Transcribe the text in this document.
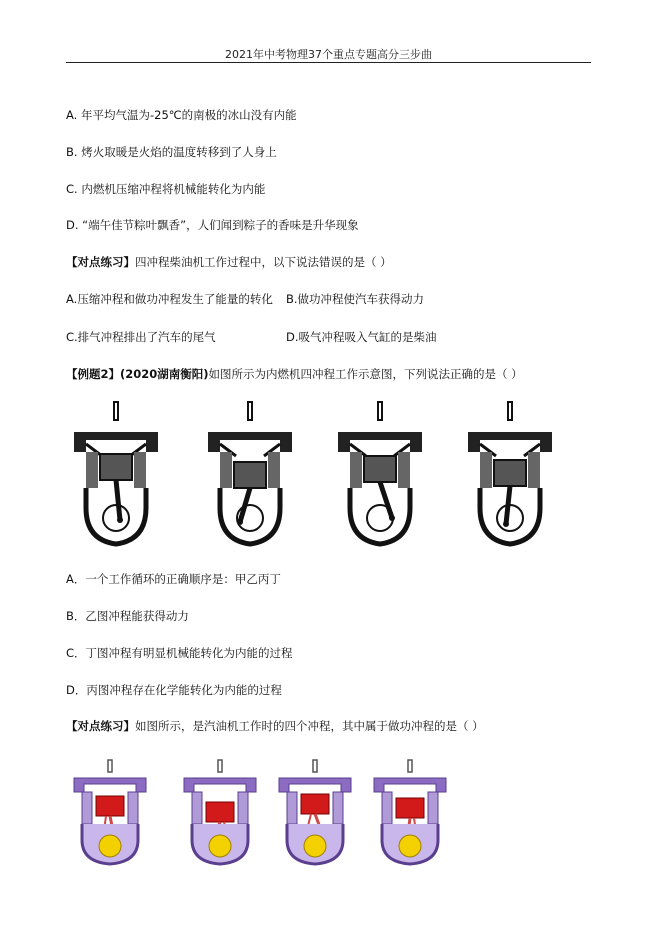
2021年中考物理37个重点专题高分三步曲
A. 年平均气温为-25℃的南极的冰山没有内能
B. 烤火取暖是火焰的温度转移到了人身上
C. 内燃机压缩冲程将机械能转化为内能
D. “端午佳节粽叶飘香”，人们闻到粽子的香味是升华现象
【对点练习】四冲程柴油机工作过程中，以下说法错误的是（ ）
A.压缩冲程和做功冲程发生了能量的转化 B.做功冲程使汽车获得动力
C.排气冲程排出了汽车的尾气	D.吸气冲程吸入气缸的是柴油
【例题2】(2020湖南衡阳)如图所示为内燃机四冲程工作示意图，下列说法正确的是（ ）
A．一个工作循环的正确顺序是：甲乙丙丁
B．乙图冲程能获得动力
C．丁图冲程有明显机械能转化为内能的过程
D．丙图冲程存在化学能转化为内能的过程
【对点练习】如图所示，是汽油机工作时的四个冲程，其中属于做功冲程的是（ ）
